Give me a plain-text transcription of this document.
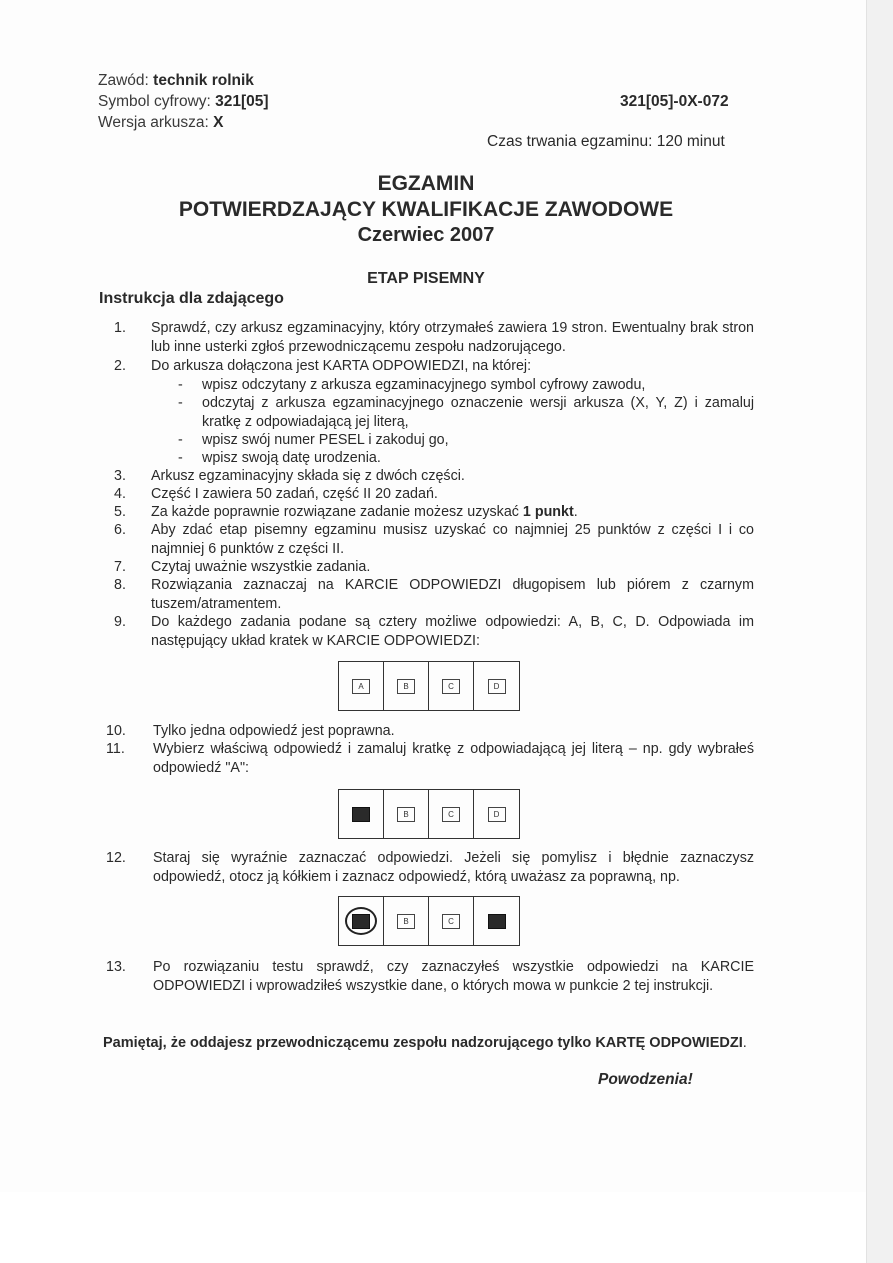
Zawód: technik rolnik
Symbol cyfrowy: 321[05]
Wersja arkusza: X
321[05]-0X-072
Czas trwania egzaminu: 120 minut
EGZAMIN
POTWIERDZAJĄCY KWALIFIKACJE ZAWODOWE
Czerwiec 2007
ETAP PISEMNY
Instrukcja dla zdającego
1.	Sprawdź, czy arkusz egzaminacyjny, który otrzymałeś zawiera 19 stron. Ewentualny brak stron lub inne usterki zgłoś przewodniczącemu zespołu nadzorującego.
2.	Do arkusza dołączona jest KARTA ODPOWIEDZI, na której:
- wpisz odczytany z arkusza egzaminacyjnego symbol cyfrowy zawodu,
- odczytaj z arkusza egzaminacyjnego oznaczenie wersji arkusza (X, Y, Z) i zamaluj kratkę z odpowiadającą jej literą,
- wpisz swój numer PESEL i zakoduj go,
- wpisz swoją datę urodzenia.
3.	Arkusz egzaminacyjny składa się z dwóch części.
4.	Część I zawiera 50 zadań, część II 20 zadań.
5.	Za każde poprawnie rozwiązane zadanie możesz uzyskać 1 punkt.
6.	Aby zdać etap pisemny egzaminu musisz uzyskać co najmniej 25 punktów z części I i co najmniej 6 punktów z części II.
7.	Czytaj uważnie wszystkie zadania.
8.	Rozwiązania zaznaczaj na KARCIE ODPOWIEDZI długopisem lub piórem z czarnym tuszem/atramentem.
9.	Do każdego zadania podane są cztery możliwe odpowiedzi: A, B, C, D. Odpowiada im następujący układ kratek w KARCIE ODPOWIEDZI:
A	B	C	D
10.	Tylko jedna odpowiedź jest poprawna.
11.	Wybierz właściwą odpowiedź i zamaluj kratkę z odpowiadającą jej literą – np. gdy wybrałeś odpowiedź "A":
B	C	D
12.	Staraj się wyraźnie zaznaczać odpowiedzi. Jeżeli się pomylisz i błędnie zaznaczysz odpowiedź, otocz ją kółkiem i zaznacz odpowiedź, którą uważasz za poprawną, np.
B	C
13.	Po rozwiązaniu testu sprawdź, czy zaznaczyłeś wszystkie odpowiedzi na KARCIE ODPOWIEDZI i wprowadziłeś wszystkie dane, o których mowa w punkcie 2 tej instrukcji.
Pamiętaj, że oddajesz przewodniczącemu zespołu nadzorującego tylko KARTĘ ODPOWIEDZI.
Powodzenia!
